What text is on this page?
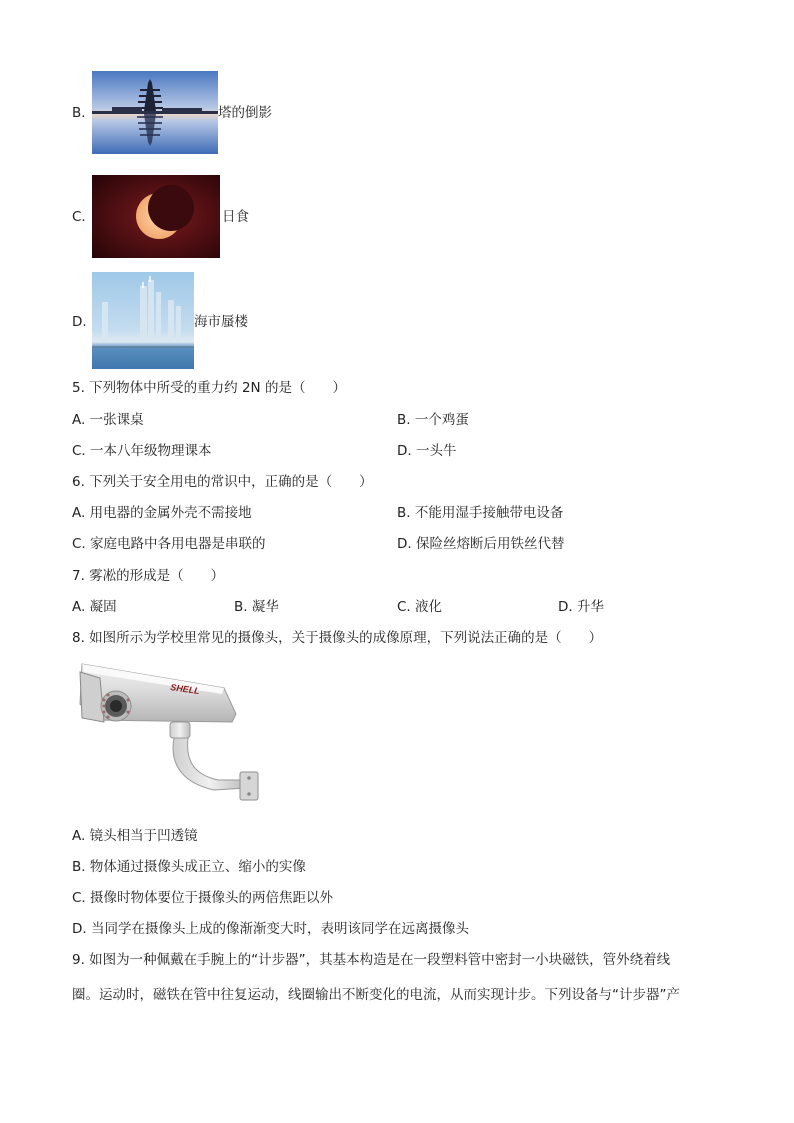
B.	塔的倒影
C.	日食
D.	海市蜃楼
5. 下列物体中所受的重力约 2N 的是（　　）
A. 一张课桌	B. 一个鸡蛋
C. 一本八年级物理课本	D. 一头牛
6. 下列关于安全用电的常识中，正确的是（　　）
A. 用电器的金属外壳不需接地	B. 不能用湿手接触带电设备
C. 家庭电路中各用电器是串联的	D. 保险丝熔断后用铁丝代替
7. 雾凇的形成是（　　）
A. 凝固	B. 凝华	C. 液化	D. 升华
8. 如图所示为学校里常见的摄像头，关于摄像头的成像原理，下列说法正确的是（　　）
SHELL
A. 镜头相当于凹透镜
B. 物体通过摄像头成正立、缩小的实像
C. 摄像时物体要位于摄像头的两倍焦距以外
D. 当同学在摄像头上成的像渐渐变大时，表明该同学在远离摄像头
9. 如图为一种佩戴在手腕上的“计步器”，其基本构造是在一段塑料管中密封一小块磁铁，管外绕着线
圈。运动时，磁铁在管中往复运动，线圈输出不断变化的电流，从而实现计步。下列设备与“计步器”产
